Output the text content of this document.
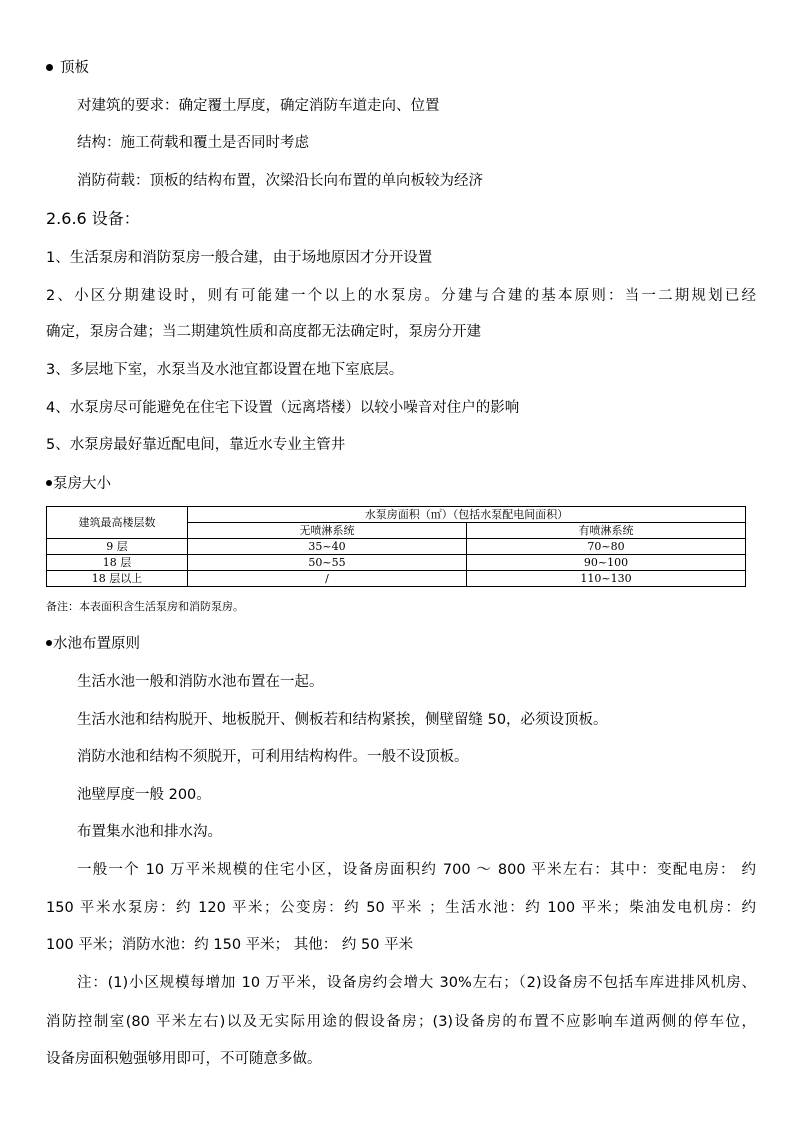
顶板
对建筑的要求：确定覆土厚度，确定消防车道走向、位置
结构：施工荷载和覆土是否同时考虑
消防荷载：顶板的结构布置，次梁沿长向布置的单向板较为经济
2.6.6 设备：
1、生活泵房和消防泵房一般合建，由于场地原因才分开设置
2、小区分期建设时，则有可能建一个以上的水泵房。分建与合建的基本原则：当一二期规划已经
确定，泵房合建；当二期建筑性质和高度都无法确定时，泵房分开建
3、多层地下室，水泵当及水池宜都设置在地下室底层。
4、水泵房尽可能避免在住宅下设置（远离塔楼）以较小噪音对住户的影响
5、水泵房最好靠近配电间，靠近水专业主管井
泵房大小
建筑最高楼层数	水泵房面积（㎡）（包括水泵配电间面积）	
	无喷淋系统	有喷淋系统
9 层	35~40	70~80
18 层	50~55	90~100
18 层以上	/	110~130
备注：本表面积含生活泵房和消防泵房。
水池布置原则
生活水池一般和消防水池布置在一起。
生活水池和结构脱开、地板脱开、侧板若和结构紧挨，侧壁留缝 50，必须设顶板。
消防水池和结构不须脱开，可利用结构构件。一般不设顶板。
池壁厚度一般 200。
布置集水池和排水沟。
一般一个 10 万平米规模的住宅小区，设备房面积约 700 ～ 800 平米左右：其中：变配电房： 约
150 平米水泵房：约 120 平米；公变房：约 50 平米 ；生活水池：约 100 平米；柴油发电机房：约
100 平米；消防水池：约 150 平米； 其他： 约 50 平米
注：(1)小区规模每增加 10 万平米，设备房约会增大 30%左右；（2)设备房不包括车库进排风机房、
消防控制室(80 平米左右)以及无实际用途的假设备房；(3)设备房的布置不应影响车道两侧的停车位，
设备房面积勉强够用即可，不可随意多做。
